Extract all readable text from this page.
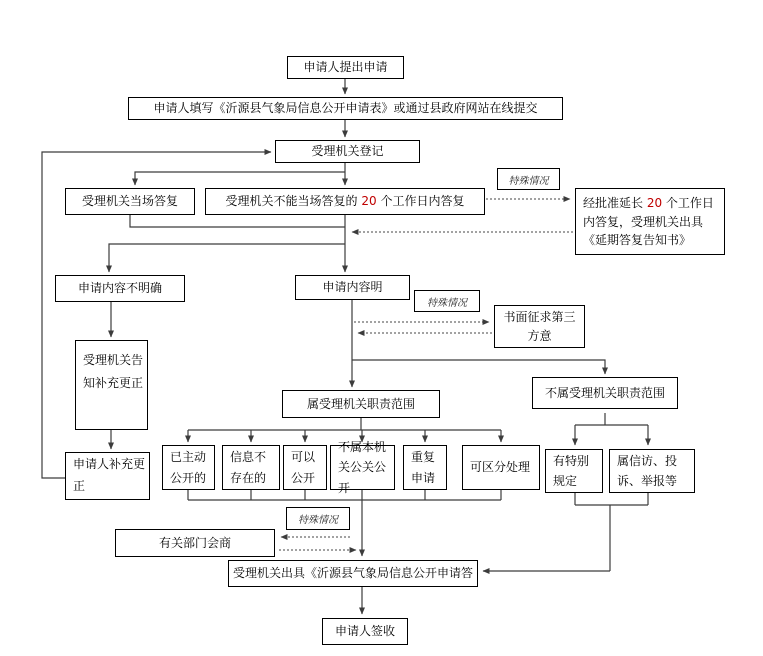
申请人提出申请
申请人填写《沂源县气象局信息公开申请表》或通过县政府网站在线提交
受理机关登记
特殊情况
受理机关当场答复	受理机关不能当场答复的 20 个工作日内答复	经批准延长 20 个工作日内答复，受理机关出具《延期答复告知书》
申请内容不明确	申请内容明
特殊情况
书面征求第三方意
受理机关告知补充更正
申请人补充更正
属受理机关职责范围
不属受理机关职责范围
已主动公开的
信息不存在的
可以公开
不属本机关公关公开
重复申请
可区分处理	有特别规定
属信访、投诉、举报等
特殊情况
有关部门会商
受理机关出具《沂源县气象局信息公开申请答
申请人签收
